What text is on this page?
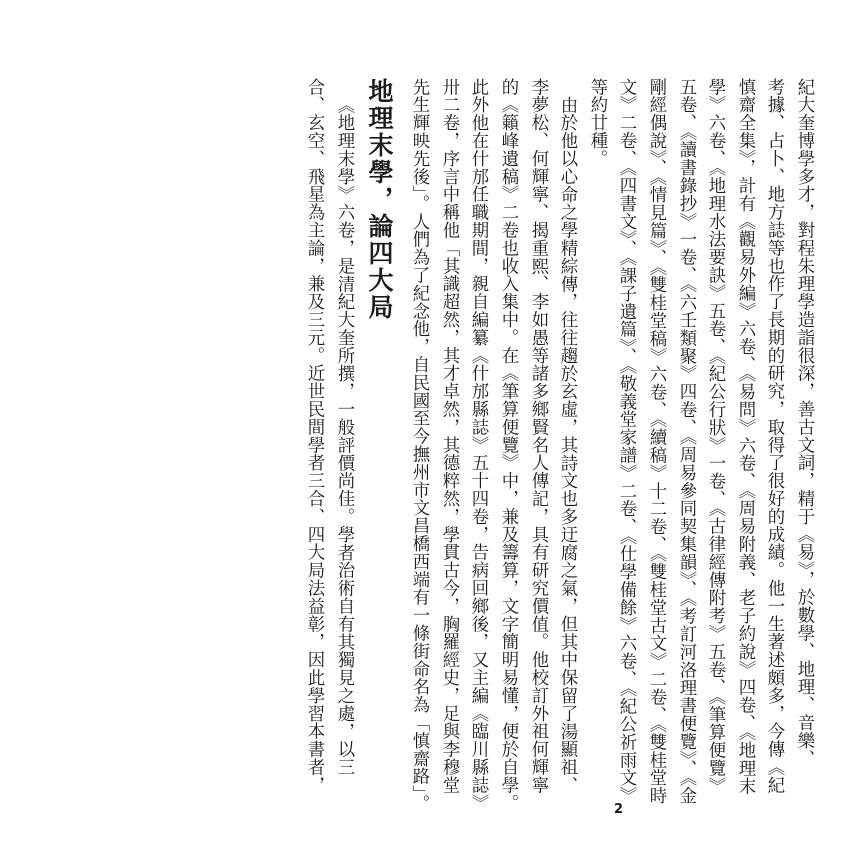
紀大奎博學多才，對程朱理學造詣很深，善古文詞，精于《易》，於數學、地理、音樂、
考據、占卜、地方誌等也作了長期的研究，取得了很好的成績。他一生著述頗多，今傳《紀
慎齋全集》，計有《觀易外編》六卷、《易問》六卷、《周易附義、老子約說》四卷、《地理末
學》六卷、《地理水法要訣》五卷、《紀公行狀》一卷、《古律經傳附考》五卷、《筆算便覽》
五卷、《讀書錄抄》一卷、《六壬類聚》四卷、《周易參同契集韻》、《考訂河洛理書便覽》、《金
剛經偶說》、《情見篇》、《雙桂堂稿》六卷、《續稿》十二卷、《雙桂堂古文》二卷、《雙桂堂時
文》二卷、《四書文》、《課子遺篇》、《敬義堂家譜》二卷、《仕學備餘》六卷、《紀公祈雨文》
等約廿種。
由於他以心命之學精綜傳，往往趨於玄虛，其詩文也多迂腐之氣，但其中保留了湯顯祖、
李夢松、何輝寧、揭重熙、李如愚等諸多鄉賢名人傳記，具有研究價值。他校訂外祖何輝寧
的《籟峰遺稿》二卷也收入集中。在《筆算便覽》中，兼及籌算，文字簡明易懂，便於自學。
此外他在什邡任職期間，親自編纂《什邡縣誌》五十四卷，告病回鄉後，又主編《臨川縣誌》
卅二卷，序言中稱他「其識超然，其才卓然，其德粹然，學貫古今，胸羅經史，足與李穆堂
先生輝映先後」。人們為了紀念他，自民國至今撫州市文昌橋西端有一條街命名為「慎齋路」。
地理末學，論四大局
《地理末學》六卷，是清紀大奎所撰，一般評價尚佳。學者治術自有其獨見之處，以三
合、玄空、飛星為主論，兼及三元。近世民間學者三合、四大局法益彰，因此學習本書者，
2
